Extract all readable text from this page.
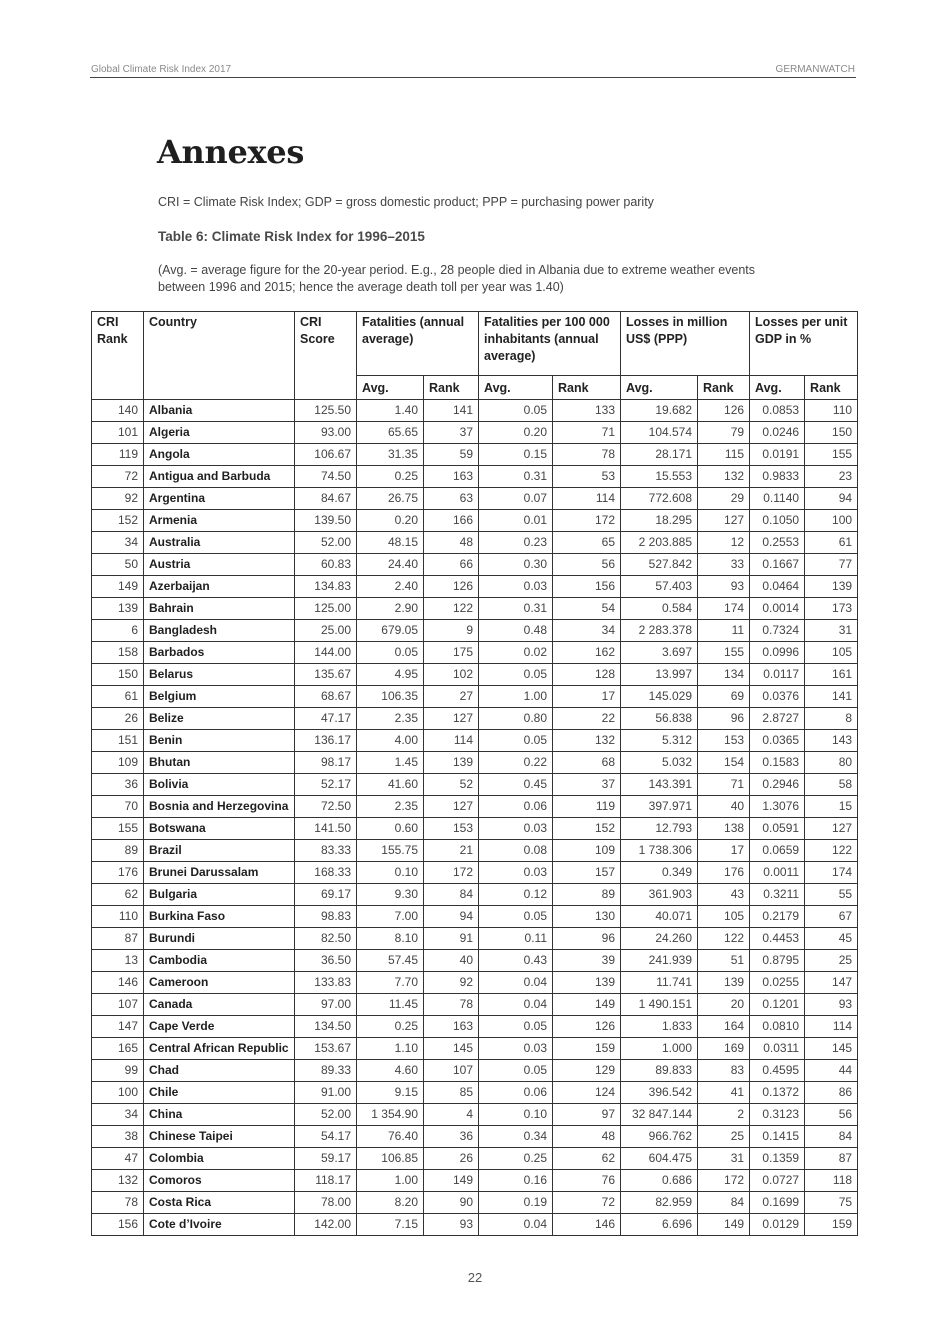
Global Climate Risk Index 2017	GERMANWATCH
Annexes
CRI = Climate Risk Index; GDP = gross domestic product; PPP = purchasing power parity
Table 6: Climate Risk Index for 1996–2015
(Avg. = average figure for the 20-year period. E.g., 28 people died in Albania due to extreme weather events
between 1996 and 2015; hence the average death toll per year was 1.40)
CRI Rank	Country	CRI Score	Fatalities (annual average)		Fatalities per 100 000 inhabitants (annual average)		Losses in million US$ (PPP)		Losses per unit GDP in %	
			Avg.	Rank	Avg.	Rank	Avg.	Rank	Avg.	Rank
140	Albania	125.50	1.40	141	0.05	133	19.682	126	0.0853	110
101	Algeria	93.00	65.65	37	0.20	71	104.574	79	0.0246	150
119	Angola	106.67	31.35	59	0.15	78	28.171	115	0.0191	155
72	Antigua and Barbuda	74.50	0.25	163	0.31	53	15.553	132	0.9833	23
92	Argentina	84.67	26.75	63	0.07	114	772.608	29	0.1140	94
152	Armenia	139.50	0.20	166	0.01	172	18.295	127	0.1050	100
34	Australia	52.00	48.15	48	0.23	65	2 203.885	12	0.2553	61
50	Austria	60.83	24.40	66	0.30	56	527.842	33	0.1667	77
149	Azerbaijan	134.83	2.40	126	0.03	156	57.403	93	0.0464	139
139	Bahrain	125.00	2.90	122	0.31	54	0.584	174	0.0014	173
6	Bangladesh	25.00	679.05	9	0.48	34	2 283.378	11	0.7324	31
158	Barbados	144.00	0.05	175	0.02	162	3.697	155	0.0996	105
150	Belarus	135.67	4.95	102	0.05	128	13.997	134	0.0117	161
61	Belgium	68.67	106.35	27	1.00	17	145.029	69	0.0376	141
26	Belize	47.17	2.35	127	0.80	22	56.838	96	2.8727	8
151	Benin	136.17	4.00	114	0.05	132	5.312	153	0.0365	143
109	Bhutan	98.17	1.45	139	0.22	68	5.032	154	0.1583	80
36	Bolivia	52.17	41.60	52	0.45	37	143.391	71	0.2946	58
70	Bosnia and Herzegovina	72.50	2.35	127	0.06	119	397.971	40	1.3076	15
155	Botswana	141.50	0.60	153	0.03	152	12.793	138	0.0591	127
89	Brazil	83.33	155.75	21	0.08	109	1 738.306	17	0.0659	122
176	Brunei Darussalam	168.33	0.10	172	0.03	157	0.349	176	0.0011	174
62	Bulgaria	69.17	9.30	84	0.12	89	361.903	43	0.3211	55
110	Burkina Faso	98.83	7.00	94	0.05	130	40.071	105	0.2179	67
87	Burundi	82.50	8.10	91	0.11	96	24.260	122	0.4453	45
13	Cambodia	36.50	57.45	40	0.43	39	241.939	51	0.8795	25
146	Cameroon	133.83	7.70	92	0.04	139	11.741	139	0.0255	147
107	Canada	97.00	11.45	78	0.04	149	1 490.151	20	0.1201	93
147	Cape Verde	134.50	0.25	163	0.05	126	1.833	164	0.0810	114
165	Central African Republic	153.67	1.10	145	0.03	159	1.000	169	0.0311	145
99	Chad	89.33	4.60	107	0.05	129	89.833	83	0.4595	44
100	Chile	91.00	9.15	85	0.06	124	396.542	41	0.1372	86
34	China	52.00	1 354.90	4	0.10	97	32 847.144	2	0.3123	56
38	Chinese Taipei	54.17	76.40	36	0.34	48	966.762	25	0.1415	84
47	Colombia	59.17	106.85	26	0.25	62	604.475	31	0.1359	87
132	Comoros	118.17	1.00	149	0.16	76	0.686	172	0.0727	118
78	Costa Rica	78.00	8.20	90	0.19	72	82.959	84	0.1699	75
156	Cote d’Ivoire	142.00	7.15	93	0.04	146	6.696	149	0.0129	159
22
